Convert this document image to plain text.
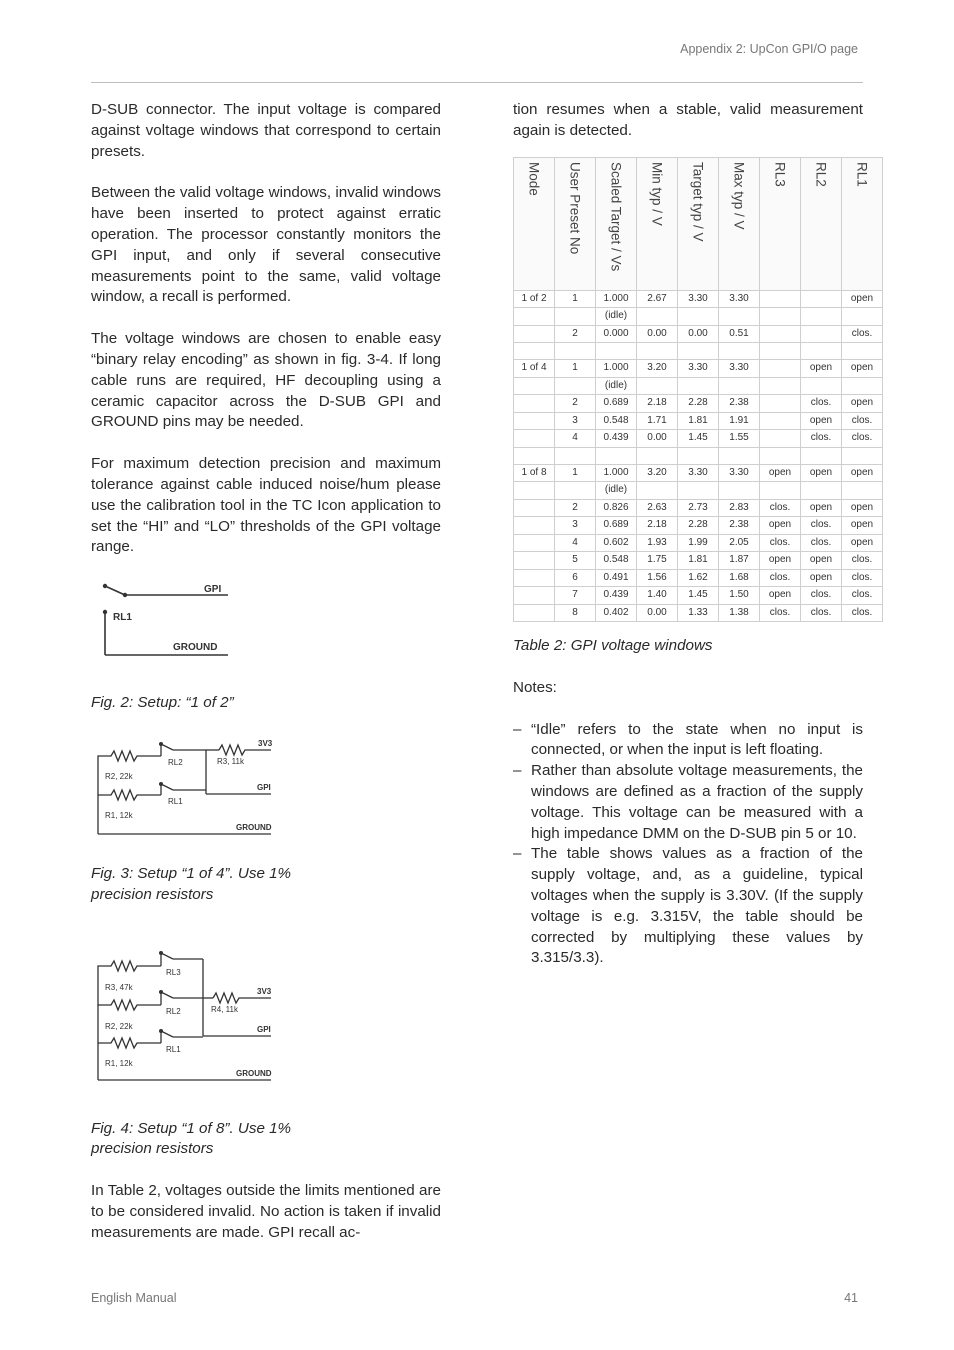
Appendix 2: UpCon GPI/O page

D-SUB connector. The input voltage is compared against voltage windows that correspond to certain presets.

Between the valid voltage windows, invalid windows have been inserted to protect against erratic operation. The processor constantly monitors the GPI input, and only if several consecutive measurements point to the same, valid voltage window, a recall is performed.

The voltage windows are chosen to enable easy “binary relay encoding” as shown in fig. 3-4. If long cable runs are required, HF decoupling using a ceramic capacitor across the D-SUB GPI and GROUND pins may be needed.

For maximum detection precision and maximum tolerance against cable induced noise/hum please use the calibration tool in the TC Icon application to set the “HI” and “LO” thresholds of the GPI voltage range.

GPI
RL1
GROUND

Fig. 2: Setup: “1 of 2”

3V3
R3, 11k
RL2
R2, 22k
GPI
RL1
R1, 12k
GROUND

Fig. 3: Setup “1 of 4”. Use 1%

precision resistors

RL3
R3, 47k	3V3
R4, 11k
RL2
R2, 22k	GPI
RL1
R1, 12k
GROUND

Fig. 4: Setup “1 of 8”. Use 1%

precision resistors

In Table 2, voltages outside the limits mentioned are to be considered invalid. No action is taken if invalid measurements are made. GPI recall ac-

tion resumes when a stable, valid measurement again is detected.

Mode	User Preset No	Scaled Target / Vs	Min typ / V	Target typ / V	Max typ / V	RL3	RL2	RL1

1 of 2	1	1.000	2.67	3.30	3.30			open
		(idle)						
	2	0.000	0.00	0.00	0.51			clos.

1 of 4	1	1.000	3.20	3.30	3.30		open	open
		(idle)						
	2	0.689	2.18	2.28	2.38		clos.	open
	3	0.548	1.71	1.81	1.91		open	clos.
	4	0.439	0.00	1.45	1.55		clos.	clos.

1 of 8	1	1.000	3.20	3.30	3.30	open	open	open
		(idle)						
	2	0.826	2.63	2.73	2.83	clos.	open	open
	3	0.689	2.18	2.28	2.38	open	clos.	open
	4	0.602	1.93	1.99	2.05	clos.	clos.	open
	5	0.548	1.75	1.81	1.87	open	open	clos.
	6	0.491	1.56	1.62	1.68	clos.	open	clos.
	7	0.439	1.40	1.45	1.50	open	clos.	clos.
	8	0.402	0.00	1.33	1.38	clos.	clos.	clos.

Table 2: GPI voltage windows

Notes:

– “Idle” refers to the state when no input is connected, or when the input is left floating.
– Rather than absolute voltage measurements, the windows are defined as a fraction of the supply voltage. This voltage can be measured with a high impedance DMM on the D-SUB pin 5 or 10.
– The table shows values as a fraction of the supply voltage, and, as a guideline, typical voltages when the supply is 3.30V. (If the supply voltage is e.g. 3.315V, the table should be corrected by multiplying these values by 3.315/3.3).
English Manual	41
